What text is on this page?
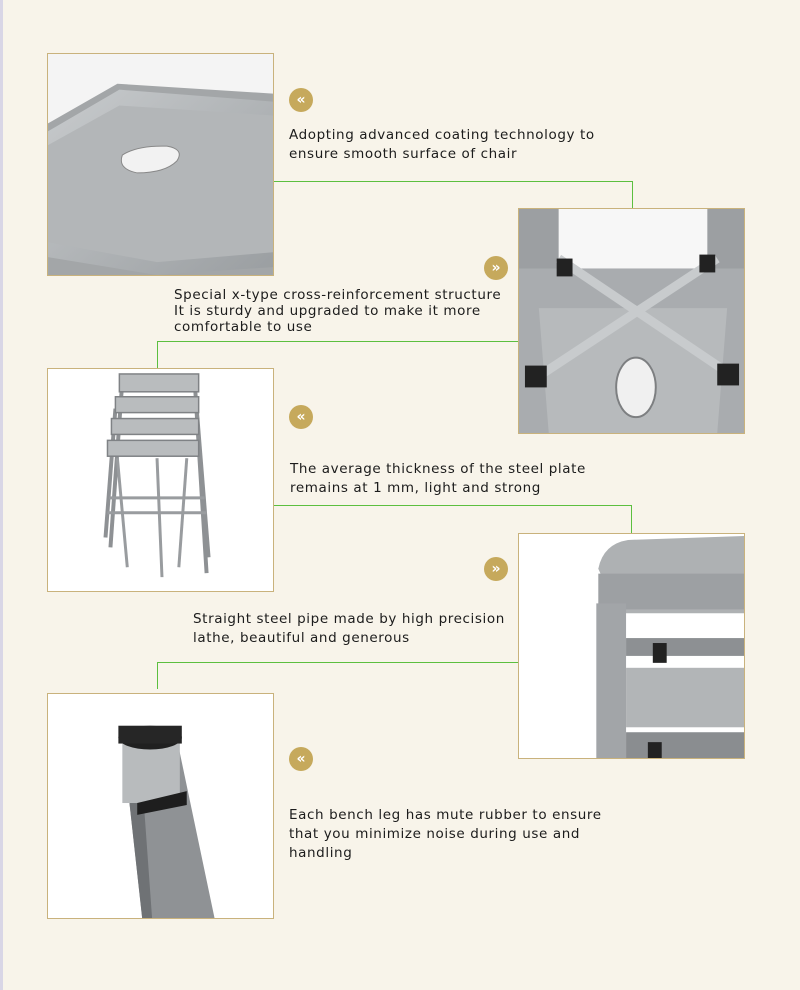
«

Adopting advanced coating technology to
ensure smooth surface of chair

»

Special x-type cross-reinforcement structure
It is sturdy and upgraded to make it more
comfortable to use

«

The average thickness of the steel plate
remains at 1 mm, light and strong

»

Straight steel pipe made by high precision
lathe, beautiful and generous

«

Each bench leg has mute rubber to ensure
that you minimize noise during use and
handling
